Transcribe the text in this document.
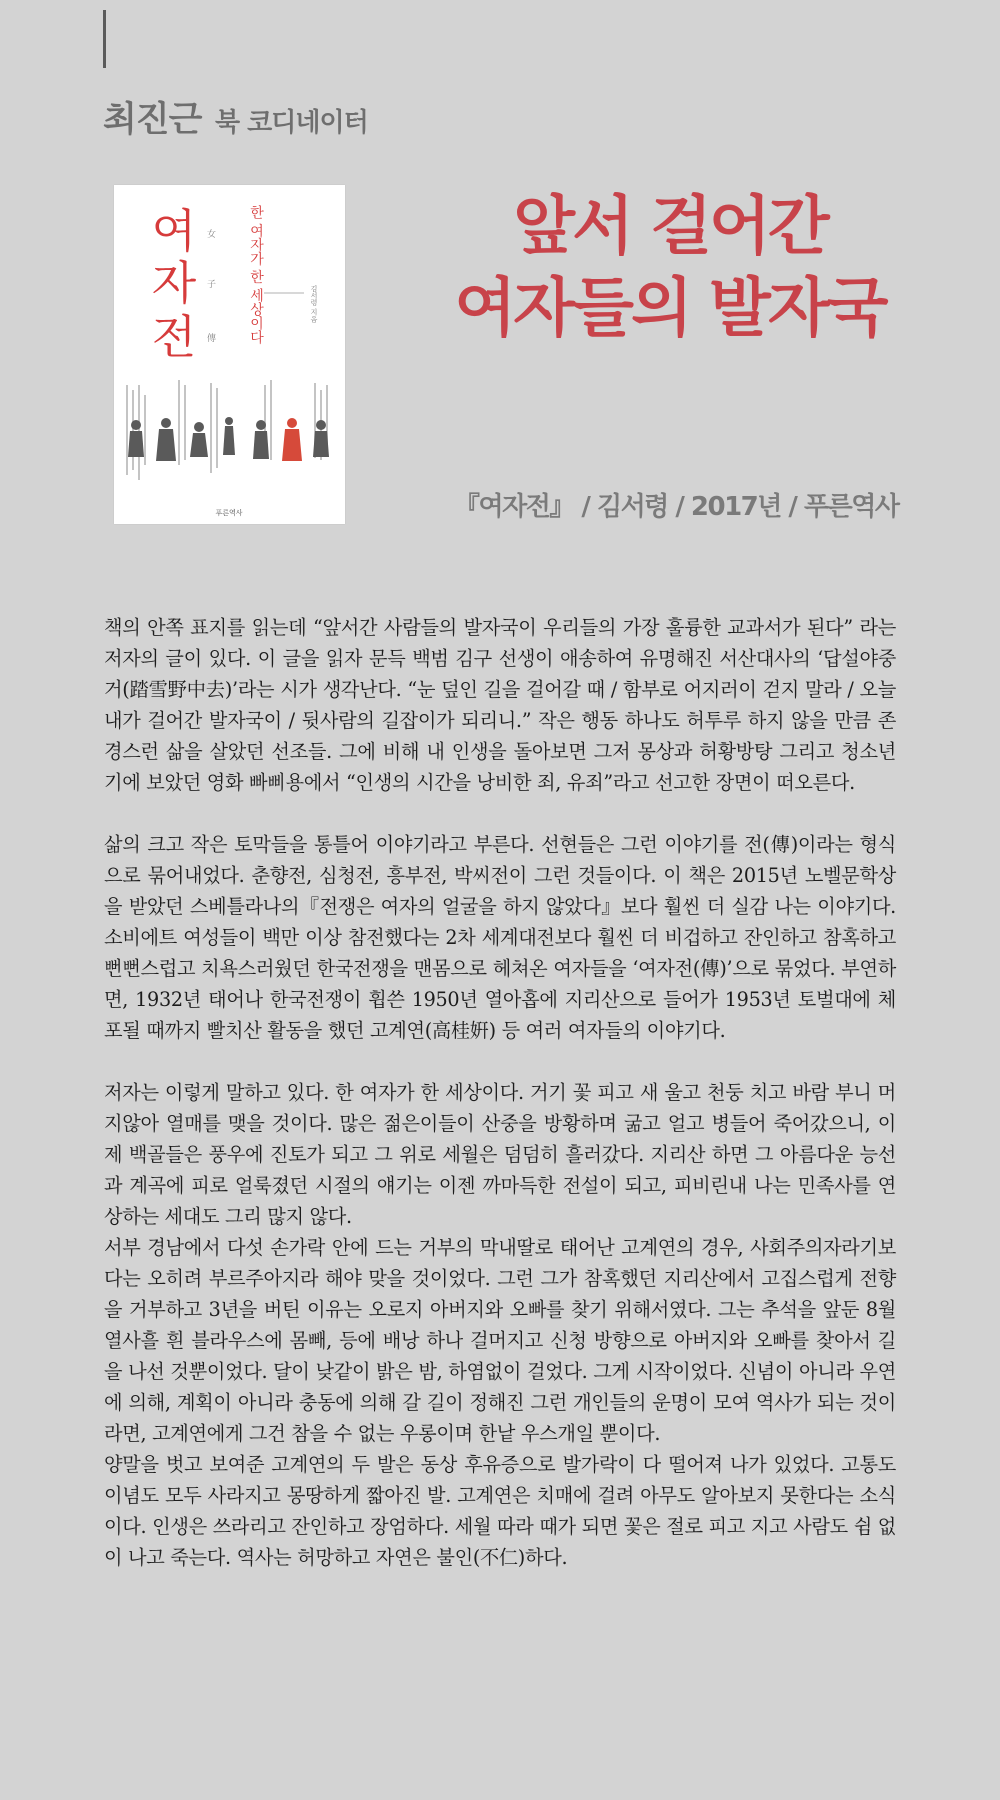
최진근 북 코디네이터
여
자
전
女
子
傳 한 여자가 한 세상이다	김서령 지음
푸른역사
앞서 걸어간
여자들의 발자국
『여자전』 / 김서령 / 2017년 / 푸른역사

책의 안쪽 표지를 읽는데 “앞서간 사람들의 발자국이 우리들의 가장 훌륭한 교과서가 된다” 라는 저자의 글이 있다. 이 글을 읽자 문득 백범 김구 선생이 애송하여 유명해진 서산대사의 ‘답설야중거(踏雪野中去)’라는 시가 생각난다. “눈 덮인 길을 걸어갈 때 / 함부로 어지러이 걷지 말라 / 오늘 내가 걸어간 발자국이 / 뒷사람의 길잡이가 되리니.” 작은 행동 하나도 허투루 하지 않을 만큼 존경스런 삶을 살았던 선조들. 그에 비해 내 인생을 돌아보면 그저 몽상과 허황방탕 그리고 청소년기에 보았던 영화 빠삐용에서 “인생의 시간을 낭비한 죄, 유죄”라고 선고한 장면이 떠오른다.

삶의 크고 작은 토막들을 통틀어 이야기라고 부른다. 선현들은 그런 이야기를 전(傳)이라는 형식으로 묶어내었다. 춘향전, 심청전, 흥부전, 박씨전이 그런 것들이다. 이 책은 2015년 노벨문학상을 받았던 스베틀라나의『전쟁은 여자의 얼굴을 하지 않았다』보다 훨씬 더 실감 나는 이야기다. 소비에트 여성들이 백만 이상 참전했다는 2차 세계대전보다 훨씬 더 비겁하고 잔인하고 참혹하고 뻔뻔스럽고 치욕스러웠던 한국전쟁을 맨몸으로 헤쳐온 여자들을 ‘여자전(傳)’으로 묶었다. 부연하면, 1932년 태어나 한국전쟁이 휩쓴 1950년 열아홉에 지리산으로 들어가 1953년 토벌대에 체포될 때까지 빨치산 활동을 했던 고계연(高桂姸) 등 여러 여자들의 이야기다.

저자는 이렇게 말하고 있다. 한 여자가 한 세상이다. 거기 꽃 피고 새 울고 천둥 치고 바람 부니 머지않아 열매를 맺을 것이다. 많은 젊은이들이 산중을 방황하며 굶고 얼고 병들어 죽어갔으니, 이제 백골들은 풍우에 진토가 되고 그 위로 세월은 덤덤히 흘러갔다. 지리산 하면 그 아름다운 능선과 계곡에 피로 얼룩졌던 시절의 얘기는 이젠 까마득한 전설이 되고, 피비린내 나는 민족사를 연상하는 세대도 그리 많지 않다.

서부 경남에서 다섯 손가락 안에 드는 거부의 막내딸로 태어난 고계연의 경우, 사회주의자라기보다는 오히려 부르주아지라 해야 맞을 것이었다. 그런 그가 참혹했던 지리산에서 고집스럽게 전향을 거부하고 3년을 버틴 이유는 오로지 아버지와 오빠를 찾기 위해서였다. 그는 추석을 앞둔 8월 열사흘 흰 블라우스에 몸빼, 등에 배낭 하나 걸머지고 신청 방향으로 아버지와 오빠를 찾아서 길을 나선 것뿐이었다. 달이 낮같이 밝은 밤, 하염없이 걸었다. 그게 시작이었다. 신념이 아니라 우연에 의해, 계획이 아니라 충동에 의해 갈 길이 정해진 그런 개인들의 운명이 모여 역사가 되는 것이라면, 고계연에게 그건 참을 수 없는 우롱이며 한낱 우스개일 뿐이다.

양말을 벗고 보여준 고계연의 두 발은 동상 후유증으로 발가락이 다 떨어져 나가 있었다. 고통도 이념도 모두 사라지고 몽땅하게 짧아진 발. 고계연은 치매에 걸려 아무도 알아보지 못한다는 소식이다. 인생은 쓰라리고 잔인하고 장엄하다. 세월 따라 때가 되면 꽃은 절로 피고 지고 사람도 쉼 없이 나고 죽는다. 역사는 허망하고 자연은 불인(不仁)하다.
